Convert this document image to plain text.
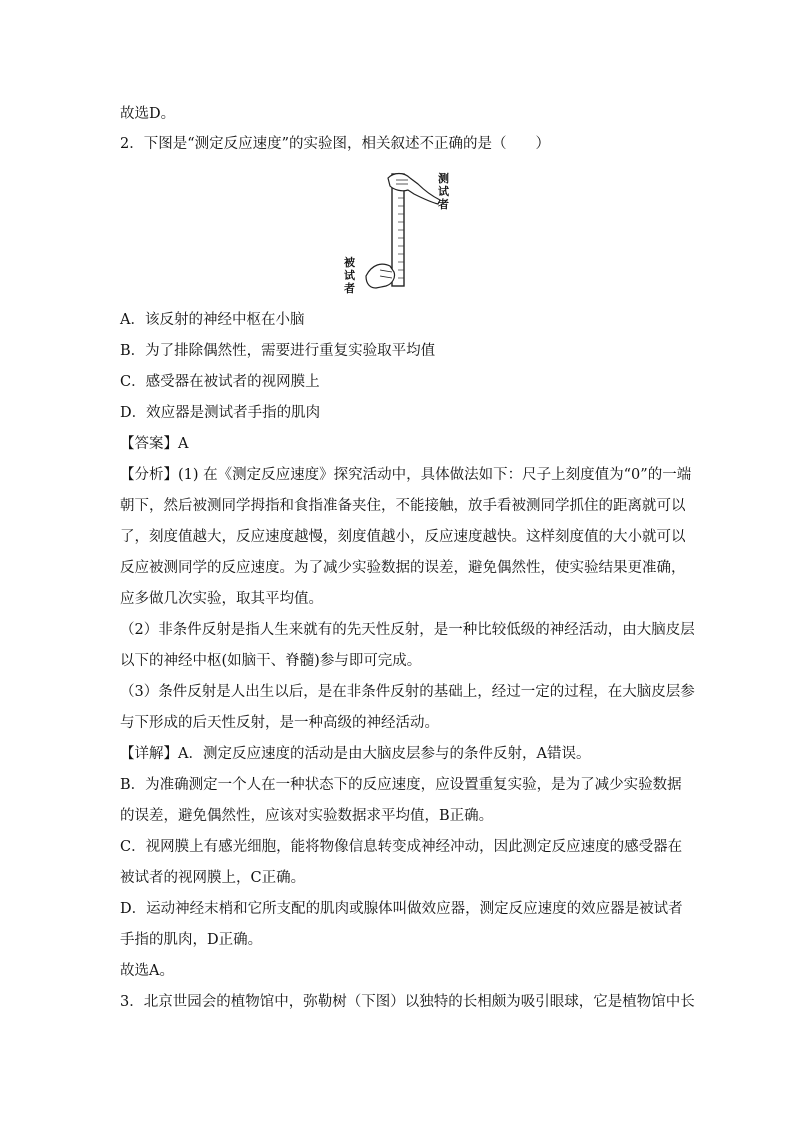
故选D。
2．下图是“测定反应速度”的实验图，相关叙述不正确的是（　　）
测
试
者
被
试
者
A．该反射的神经中枢在小脑
B．为了排除偶然性，需要进行重复实验取平均值
C．感受器在被试者的视网膜上
D．效应器是测试者手指的肌肉
【答案】A
【分析】(1) 在《测定反应速度》探究活动中，具体做法如下：尺子上刻度值为“0”的一端
朝下，然后被测同学拇指和食指准备夹住，不能接触，放手看被测同学抓住的距离就可以
了，刻度值越大，反应速度越慢，刻度值越小，反应速度越快。这样刻度值的大小就可以
反应被测同学的反应速度。为了减少实验数据的误差，避免偶然性，使实验结果更准确，
应多做几次实验，取其平均值。
（2）非条件反射是指人生来就有的先天性反射，是一种比较低级的神经活动，由大脑皮层
以下的神经中枢(如脑干、脊髓)参与即可完成。
（3）条件反射是人出生以后，是在非条件反射的基础上，经过一定的过程，在大脑皮层参
与下形成的后天性反射，是一种高级的神经活动。
【详解】A．测定反应速度的活动是由大脑皮层参与的条件反射，A错误。
B．为准确测定一个人在一种状态下的反应速度，应设置重复实验，是为了减少实验数据
的误差，避免偶然性，应该对实验数据求平均值，B正确。
C．视网膜上有感光细胞，能将物像信息转变成神经冲动，因此测定反应速度的感受器在
被试者的视网膜上，C正确。
D．运动神经末梢和它所支配的肌肉或腺体叫做效应器，测定反应速度的效应器是被试者
手指的肌肉，D正确。
故选A。
3．北京世园会的植物馆中，弥勒树（下图）以独特的长相颇为吸引眼球，它是植物馆中长
